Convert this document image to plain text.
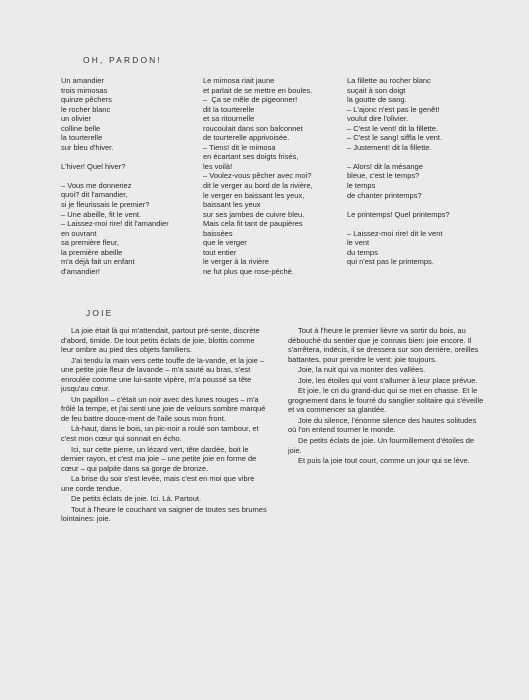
OH, PARDON!
Un amandier
trois mimosas
quinze pêchers
le rocher blanc
un olivier
colline belle
la tourterelle
sur bleu d'hiver.
L'hiver! Quel hiver?
– Vous me donneriez
quoi? dit l'amandier,
si je fleurissais le premier?
– Une abeille, fit le vent.
– Laissez-moi rire! dit l'amandier
en ouvrant
sa première fleur,
la première abeille
m'a déjà fait un enfant
d'amandier!
Le mimosa riait jaune
et parlait de se mettre en boules.
–  Ça se mêle de pigeonner!
dit la tourterelle
et sa ritournelle
roucoulait dans son balconnet
de tourterelle apprivoisée.
– Tiens! dit le mimosa
en écartant ses doigts frisés,
les voilà!
– Voulez-vous pêcher avec moi?
dit le verger au bord de la rivière,
le verger en baissant les yeux,
baissant les yeux
sur ses jambes de cuivre bleu.
Mais cela fit tant de paupières
baissées
que le verger
tout entier
le verger à la rivière
ne fut plus que rose-péché.
La fillette au rocher blanc
suçait à son doigt
la goutte de sang.
– L'ajonc n'est pas le genêt!
voulut dire l'olivier.
– C'est le vent! dit la fillette.
– C'est le sang! siffla le vent.
– Justement! dit la fillette.
– Alors! dit la mésange
bleue, c'est le temps?
le temps
de chanter printemps?
Le printemps! Quel printemps?
– Laissez-moi rire! dit le vent
le vent
du temps
qui n'est pas le printemps.
JOIE

La joie était là qui m'attendait, partout pré-sente, discrète d'abord, timide. De tout petits éclats de joie, blottis comme leur ombre au pied des objets familiers.

J'ai tendu la main vers cette touffe de la-vande, et la joie – une petite joie fleur de lavande – m'a sauté au bras, s'est enroulée comme une lui-sante vipère, m'a poussé sa tête jusqu'au cœur.

Un papillon – c'était un noir avec des lunes rouges – m'a frôlé la tempe, et j'ai senti une joie de velours sombre marqué de feu battre douce-ment de l'aile sous mon front.

Là-haut, dans le bois, un pic-noir a roulé son tambour, et c'est mon cœur qui sonnait en écho.

Ici, sur cette pierre, un lézard vert, tête dardée, boit le dernier rayon, et c'est ma joie – une petite joie en forme de cœur – qui palpite dans sa gorge de bronze.

La brise du soir s'est levée, mais c'est en moi que vibre une corde tendue.

De petits éclats de joie. Ici. Là. Partout.

Tout à l'heure le couchant va saigner de toutes ses brumes lointaines: joie.

Tout à l'heure le premier lièvre va sortir du bois, au débouché du sentier que je connais bien: joie encore. Il s'arrêtera, indécis, il se dressera sur son derrière, oreilles battantes, pour prendre le vent: joie toujours.

Joie, la nuit qui va monter des vallées.

Joie, les étoiles qui vont s'allumer à leur place prévue.

Et joie, le cri du grand-duc qui se met en chasse. Et le grognement dans le fourré du sanglier solitaire qui s'éveille et va commencer sa glandée.

Joie du silence, l'énorme silence des hautes solitudes où l'on entend tourner le monde.

De petits éclats de joie. Un fourmillement d'étoiles de joie.

Et puis la joie tout court, comme un jour qui se lève.
